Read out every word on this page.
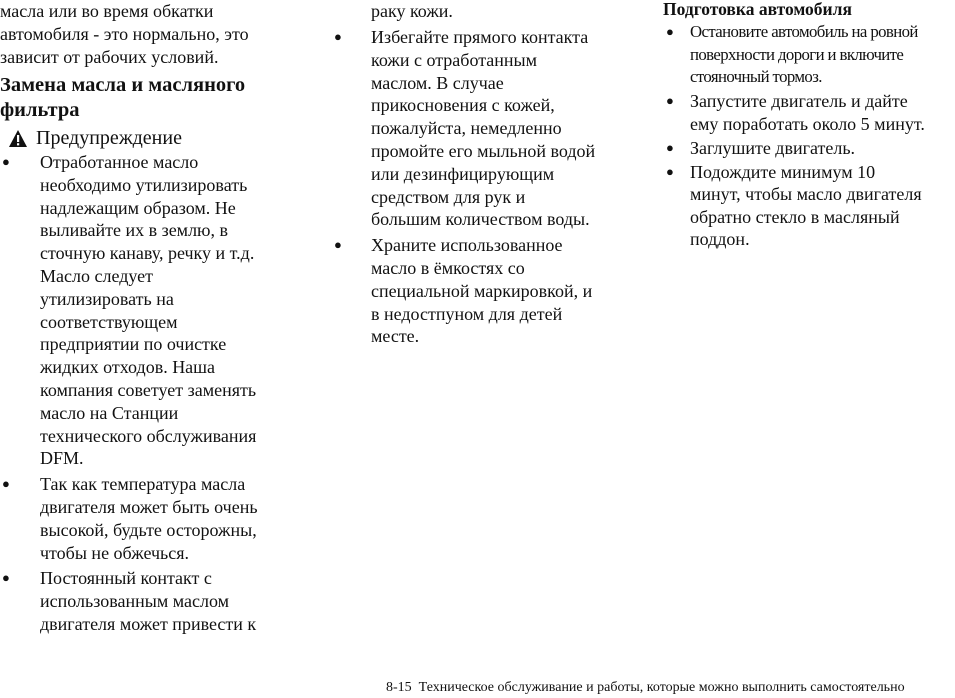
масла или во время обкатки
автомобиля - это нормально, это
зависит от рабочих условий.
Замена масла и масляного
фильтра
Предупреждение
● Отработанное масло
необходимо утилизировать
надлежащим образом. Не
выливайте их в землю, в
сточную канаву, речку и т.д.
Масло следует
утилизировать на
соответствующем
предприятии по очистке
жидких отходов. Наша
компания советует заменять
масло на Станции
технического обслуживания
DFM.
● Так как температура масла
двигателя может быть очень
высокой, будьте осторожны,
чтобы не обжечься.
● Постоянный контакт с
использованным маслом
двигателя может привести к
раку кожи.
● Избегайте прямого контакта
кожи с отработанным
маслом. В случае
прикосновения с кожей,
пожалуйста, немедленно
промойте его мыльной водой
или дезинфицирующим
средством для рук и
большим количеством воды.
● Храните использованное
масло в ёмкостях со
специальной маркировкой, и
в недостпуном для детей
месте.
Подготовка автомобиля
● Остановите автомобиль на ровной
поверхности дороги и включите
стояночный тормоз.
● Запустите двигатель и дайте
ему поработать около 5 минут.
● Заглушите двигатель.
● Подождите минимум 10
минут, чтобы масло двигателя
обратно стекло в масляный
поддон.
8-15 Техническое обслуживание и работы, которые можно выполнить самостоятельно
